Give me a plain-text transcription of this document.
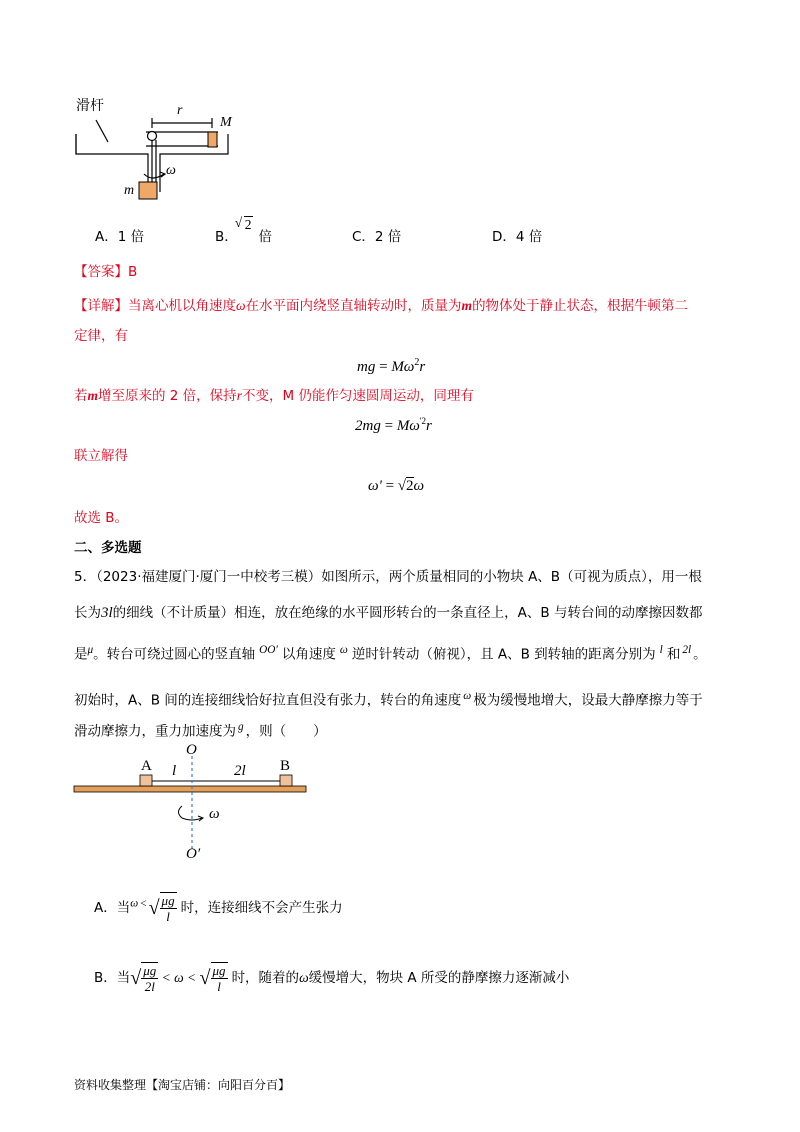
滑杆	r
M
m
ω
A．1 倍	B．
√ 2倍	C．2 倍	D．4 倍
【答案】B
【详解】当离心机以角速度ω在水平面内绕竖直轴转动时，质量为m的物体处于静止状态，根据牛顿第二
定律，有
mg = $M\omega^2r$
若m增至原来的 2 倍，保持r不变，M 仍能作匀速圆周运动，同理有
$2mg = M\omega^{'2}r$
联立解得
ω' = √2ω
故选 B。
二、多选题
5．（2023·福建厦门·厦门一中校考三模）如图所示，两个质量相同的小物块 A、B（可视为质点），用一根
长为3l的细线（不计质量）相连，放在绝缘的水平圆形转台的一条直径上，A、B 与转台间的动摩擦因数都
是$^\mu$。转台可绕过圆心的竖直轴 $^{OO'}$ 以角速度 $^\omega$ 逆时针转动（俯视），且 A、B 到转轴的距离分别为 $^l$ 和 $^{2l}$ 。
初始时，A、B 间的连接细线恰好拉直但没有张力，转台的角速度 $^\omega$ 极为缓慢地增大，设最大静摩擦力等于
滑动摩擦力，重力加速度为 $^g$ ，则（　　）
O
A l	2l B
ω
O′
A．当$^\omega$ < √ $\frac{\mu g}{l}$ 时，连接细线不会产生张力
B．当√ $\frac{\mu g}{2l} < \omega$ < √ $\frac{\mu g}{l}$ 时，随着的ω缓慢增大，物块 A 所受的静摩擦力逐渐减小
资料收集整理【淘宝店铺：向阳百分百】
